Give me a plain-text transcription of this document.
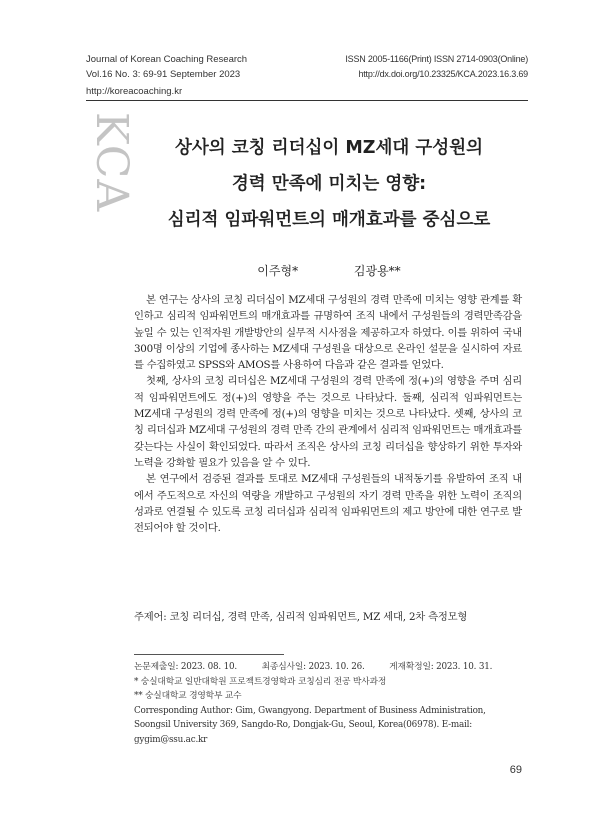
Journal of Korean Coaching Research
Vol.16 No. 3: 69-91 September 2023
ISSN 2005-1166(Print) ISSN 2714-0903(Online)
http://dx.doi.org/10.23325/KCA.2023.16.3.69
http://koreacoaching.kr
KCA	상사의 코칭 리더십이 MZ세대 구성원의
경력 만족에 미치는 영향:
심리적 임파워먼트의 매개효과를 중심으로
이주형*	김광용**

본 연구는 상사의 코칭 리더십이 MZ세대 구성원의 경력 만족에 미치는 영향 관계를 확인하고 심리적 임파워먼트의 매개효과를 규명하여 조직 내에서 구성원들의 경력만족감을 높일 수 있는 인적자원 개발방안의 실무적 시사점을 제공하고자 하였다. 이를 위하여 국내 300명 이상의 기업에 종사하는 MZ세대 구성원을 대상으로 온라인 설문을 실시하여 자료를 수집하였고 SPSS와 AMOS를 사용하여 다음과 같은 결과를 얻었다.

첫째, 상사의 코칭 리더십은 MZ세대 구성원의 경력 만족에 정(+)의 영향을 주며 심리적 임파워먼트에도 정(+)의 영향을 주는 것으로 나타났다. 둘째, 심리적 임파워먼트는 MZ세대 구성원의 경력 만족에 정(+)의 영향을 미치는 것으로 나타났다. 셋째, 상사의 코칭 리더십과 MZ세대 구성원의 경력 만족 간의 관계에서 심리적 임파워먼트는 매개효과를 갖는다는 사실이 확인되었다. 따라서 조직은 상사의 코칭 리더십을 향상하기 위한 투자와 노력을 강화할 필요가 있음을 알 수 있다.

본 연구에서 검증된 결과를 토대로 MZ세대 구성원들의 내적동기를 유발하여 조직 내에서 주도적으로 자신의 역량을 개발하고 구성원의 자기 경력 만족을 위한 노력이 조직의 성과로 연결될 수 있도록 코칭 리더십과 심리적 임파워먼트의 제고 방안에 대한 연구로 발전되어야 할 것이다.

주제어: 코칭 리더십, 경력 만족, 심리적 임파워먼트, MZ 세대, 2차 측정모형
논문제출일: 2023. 08. 10.	최종심사일: 2023. 10. 26.	게재확정일: 2023. 10. 31.
* 숭실대학교 일반대학원 프로젝트경영학과 코칭심리 전공 박사과정
** 숭실대학교 경영학부 교수
Corresponding Author: Gim, Gwangyong. Department of Business Administration, Soongsil University 369, Sangdo-Ro, Dongjak-Gu, Seoul, Korea(06978). E-mail: gygim@ssu.ac.kr
69
